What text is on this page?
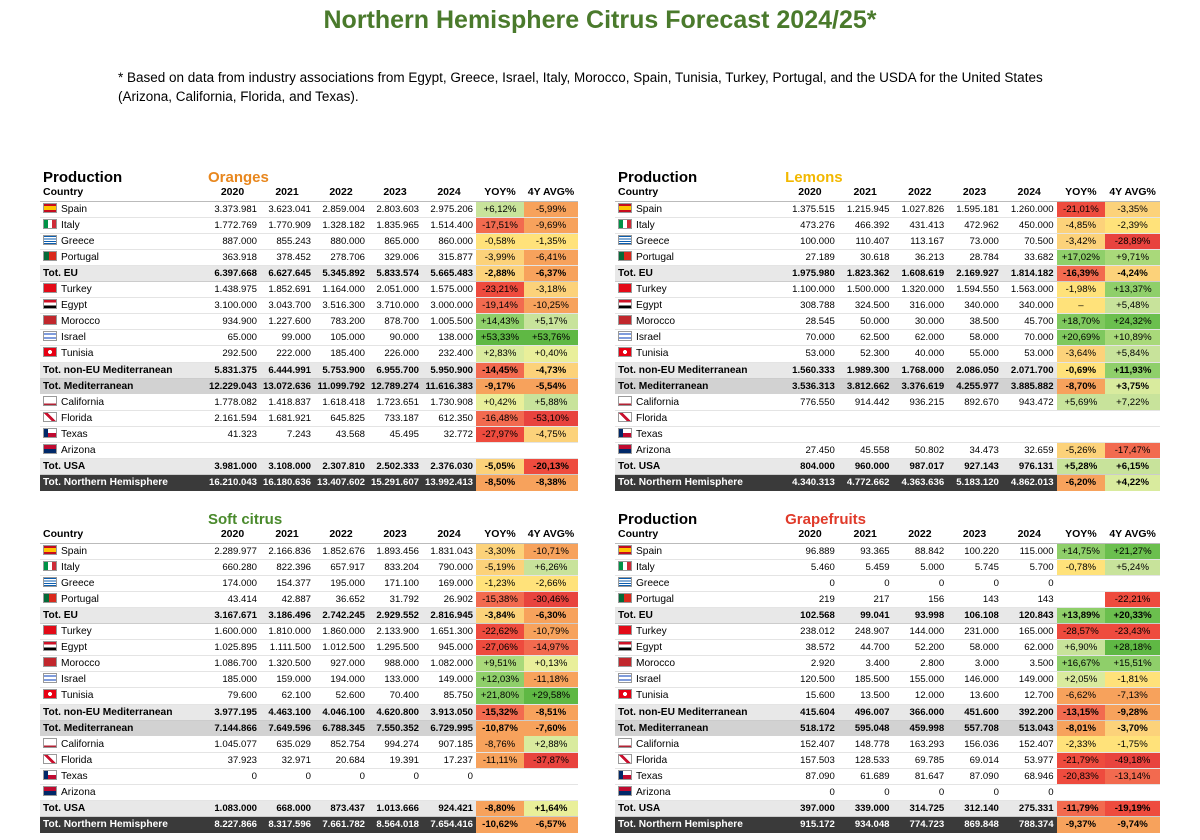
Northern Hemisphere Citrus Forecast 2024/25*
* Based on data from industry associations from Egypt, Greece, Israel, Italy, Morocco, Spain, Tunisia, Turkey, Portugal, and the USDA for the United States (Arizona, California, Florida, and Texas).
Production	Oranges						
Country	2020	2021	2022	2023	2024	YOY%	4Y AVG%
Spain	3.373.981	3.623.041	2.859.004	2.803.603	2.975.206	+6,12%	-5,99%
Italy	1.772.769	1.770.909	1.328.182	1.835.965	1.514.400	-17,51%	-9,69%
Greece	887.000	855.243	880.000	865.000	860.000	-0,58%	-1,35%
Portugal	363.918	378.452	278.706	329.006	315.877	-3,99%	-6,41%
Tot. EU	6.397.668	6.627.645	5.345.892	5.833.574	5.665.483	-2,88%	-6,37%
Turkey	1.438.975	1.852.691	1.164.000	2.051.000	1.575.000	-23,21%	-3,18%
Egypt	3.100.000	3.043.700	3.516.300	3.710.000	3.000.000	-19,14%	-10,25%
Morocco	934.900	1.227.600	783.200	878.700	1.005.500	+14,43%	+5,17%
Israel	65.000	99.000	105.000	90.000	138.000	+53,33%	+53,76%
Tunisia	292.500	222.000	185.400	226.000	232.400	+2,83%	+0,40%
Tot. non-EU Mediterranean	5.831.375	6.444.991	5.753.900	6.955.700	5.950.900	-14,45%	-4,73%
Tot. Mediterranean	12.229.043	13.072.636	11.099.792	12.789.274	11.616.383	-9,17%	-5,54%
California	1.778.082	1.418.837	1.618.418	1.723.651	1.730.908	+0,42%	+5,88%
Florida	2.161.594	1.681.921	645.825	733.187	612.350	-16,48%	-53,10%
Texas	41.323	7.243	43.568	45.495	32.772	-27,97%	-4,75%
Arizona							
Tot. USA	3.981.000	3.108.000	2.307.810	2.502.333	2.376.030	-5,05%	-20,13%
Tot. Northern Hemisphere	16.210.043	16.180.636	13.407.602	15.291.607	13.992.413	-8,50%	-8,38%
Production	Lemons						
Country	2020	2021	2022	2023	2024	YOY%	4Y AVG%
Spain	1.375.515	1.215.945	1.027.826	1.595.181	1.260.000	-21,01%	-3,35%
Italy	473.276	466.392	431.413	472.962	450.000	-4,85%	-2,39%
Greece	100.000	110.407	113.167	73.000	70.500	-3,42%	-28,89%
Portugal	27.189	30.618	36.213	28.784	33.682	+17,02%	+9,71%
Tot. EU	1.975.980	1.823.362	1.608.619	2.169.927	1.814.182	-16,39%	-4,24%
Turkey	1.100.000	1.500.000	1.320.000	1.594.550	1.563.000	-1,98%	+13,37%
Egypt	308.788	324.500	316.000	340.000	340.000	–	+5,48%
Morocco	28.545	50.000	30.000	38.500	45.700	+18,70%	+24,32%
Israel	70.000	62.500	62.000	58.000	70.000	+20,69%	+10,89%
Tunisia	53.000	52.300	40.000	55.000	53.000	-3,64%	+5,84%
Tot. non-EU Mediterranean	1.560.333	1.989.300	1.768.000	2.086.050	2.071.700	-0,69%	+11,93%
Tot. Mediterranean	3.536.313	3.812.662	3.376.619	4.255.977	3.885.882	-8,70%	+3,75%
California	776.550	914.442	936.215	892.670	943.472	+5,69%	+7,22%
Florida							
Texas							
Arizona	27.450	45.558	50.802	34.473	32.659	-5,26%	-17,47%
Tot. USA	804.000	960.000	987.017	927.143	976.131	+5,28%	+6,15%
Tot. Northern Hemisphere	4.340.313	4.772.662	4.363.636	5.183.120	4.862.013	-6,20%	+4,22%
	Soft citrus						
Country	2020	2021	2022	2023	2024	YOY%	4Y AVG%
Spain	2.289.977	2.166.836	1.852.676	1.893.456	1.831.043	-3,30%	-10,71%
Italy	660.280	822.396	657.917	833.204	790.000	-5,19%	+6,26%
Greece	174.000	154.377	195.000	171.100	169.000	-1,23%	-2,66%
Portugal	43.414	42.887	36.652	31.792	26.902	-15,38%	-30,46%
Tot. EU	3.167.671	3.186.496	2.742.245	2.929.552	2.816.945	-3,84%	-6,30%
Turkey	1.600.000	1.810.000	1.860.000	2.133.900	1.651.300	-22,62%	-10,79%
Egypt	1.025.895	1.111.500	1.012.500	1.295.500	945.000	-27,06%	-14,97%
Morocco	1.086.700	1.320.500	927.000	988.000	1.082.000	+9,51%	+0,13%
Israel	185.000	159.000	194.000	133.000	149.000	+12,03%	-11,18%
Tunisia	79.600	62.100	52.600	70.400	85.750	+21,80%	+29,58%
Tot. non-EU Mediterranean	3.977.195	4.463.100	4.046.100	4.620.800	3.913.050	-15,32%	-8,51%
Tot. Mediterranean	7.144.866	7.649.596	6.788.345	7.550.352	6.729.995	-10,87%	-7,60%
California	1.045.077	635.029	852.754	994.274	907.185	-8,76%	+2,88%
Florida	37.923	32.971	20.684	19.391	17.237	-11,11%	-37,87%
Texas	0	0	0	0	0		
Arizona							
Tot. USA	1.083.000	668.000	873.437	1.013.666	924.421	-8,80%	+1,64%
Tot. Northern Hemisphere	8.227.866	8.317.596	7.661.782	8.564.018	7.654.416	-10,62%	-6,57%
Production	Grapefruits						
Country	2020	2021	2022	2023	2024	YOY%	4Y AVG%
Spain	96.889	93.365	88.842	100.220	115.000	+14,75%	+21,27%
Italy	5.460	5.459	5.000	5.745	5.700	-0,78%	+5,24%
Greece	0	0	0	0	0		
Portugal	219	217	156	143	143		-22,21%
Tot. EU	102.568	99.041	93.998	106.108	120.843	+13,89%	+20,33%
Turkey	238.012	248.907	144.000	231.000	165.000	-28,57%	-23,43%
Egypt	38.572	44.700	52.200	58.000	62.000	+6,90%	+28,18%
Morocco	2.920	3.400	2.800	3.000	3.500	+16,67%	+15,51%
Israel	120.500	185.500	155.000	146.000	149.000	+2,05%	-1,81%
Tunisia	15.600	13.500	12.000	13.600	12.700	-6,62%	-7,13%
Tot. non-EU Mediterranean	415.604	496.007	366.000	451.600	392.200	-13,15%	-9,28%
Tot. Mediterranean	518.172	595.048	459.998	557.708	513.043	-8,01%	-3,70%
California	152.407	148.778	163.293	156.036	152.407	-2,33%	-1,75%
Florida	157.503	128.533	69.785	69.014	53.977	-21,79%	-49,18%
Texas	87.090	61.689	81.647	87.090	68.946	-20,83%	-13,14%
Arizona	0	0	0	0	0		
Tot. USA	397.000	339.000	314.725	312.140	275.331	-11,79%	-19,19%
Tot. Northern Hemisphere	915.172	934.048	774.723	869.848	788.374	-9,37%	-9,74%
